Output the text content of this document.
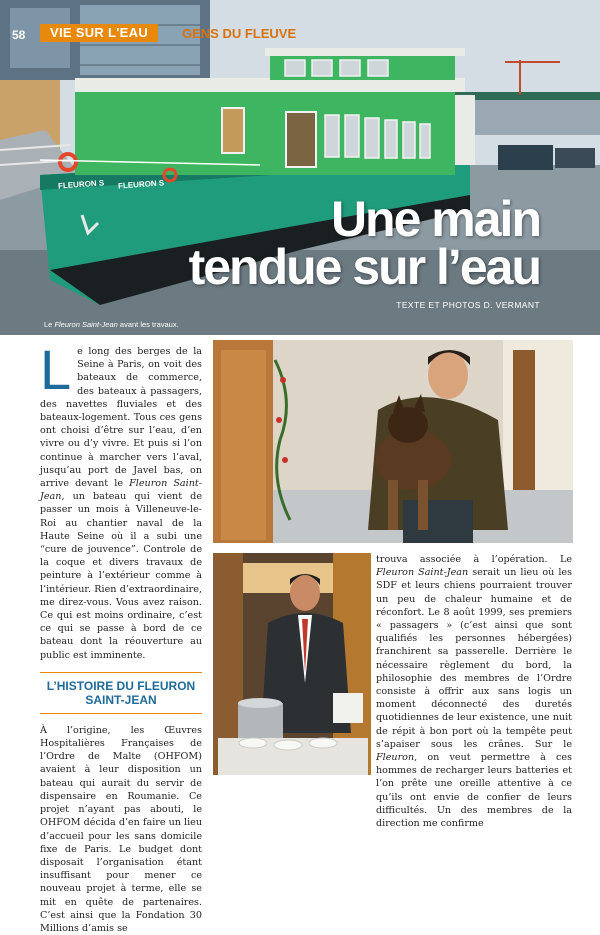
58	VIE SUR L'EAU	GENS DU FLEUVE
FLEURON S FLEURON S
Une main
tendue sur l’eau
TEXTE ET PHOTOS D. VERMANT
Le Fleuron Saint-Jean avant les travaux.
Le long des berges de la Seine à Paris, on voit des bateaux de commerce, des bateaux à passagers, des navettes fluviales et des bateaux-logement. Tous ces gens ont choisi d’être sur l’eau, d’en vivre ou d’y vivre. Et puis si l’on continue à marcher vers l’aval, jusqu’au port de Javel bas, on arrive devant le Fleuron Saint-Jean, un bateau qui vient de passer un mois à Villeneuve-le-Roi au chantier naval de la Haute Seine où il a subi une “cure de jouvence”. Controle de la coque et divers travaux de peinture à l’extérieur comme à l’intérieur. Rien d’extraordinaire, me direz-vous. Vous avez raison. Ce qui est moins ordinaire, c’est ce qui se passe à bord de ce bateau dont la réouverture au public est imminente.
L’HISTOIRE DU FLEURON SAINT-JEAN
À l’origine, les Œuvres Hospitalières Françaises de l’Ordre de Malte (OHFOM) avaient à leur disposition un bateau qui aurait du servir de dispensaire en Roumanie. Ce projet n’ayant pas abouti, le OHFOM décida d’en faire un lieu d’accueil pour les sans domicile fixe de Paris. Le budget dont disposait l’organisation étant insuffisant pour mener ce nouveau projet à terme, elle se mit en quête de partenaires. C’est ainsi que la Fondation 30 Millions d’amis se
trouva associée à l’opération. Le Fleuron Saint-Jean serait un lieu où les SDF et leurs chiens pourraient trouver un peu de chaleur humaine et de réconfort. Le 8 août 1999, ses premiers « passagers » (c’est ainsi que sont qualifiés les personnes hébergées) franchirent sa passerelle. Derrière le nécessaire règlement du bord, la philosophie des membres de l’Ordre consiste à offrir aux sans logis un moment déconnecté des duretés quotidiennes de leur existence, une nuit de répit à bon port où la tempête peut s’apaiser sous les crânes. Sur le Fleuron, on veut permettre à ces hommes de recharger leurs batteries et l’on prête une oreille attentive à ce qu’ils ont envie de confier de leurs difficultés. Un des membres de la direction me confirme
